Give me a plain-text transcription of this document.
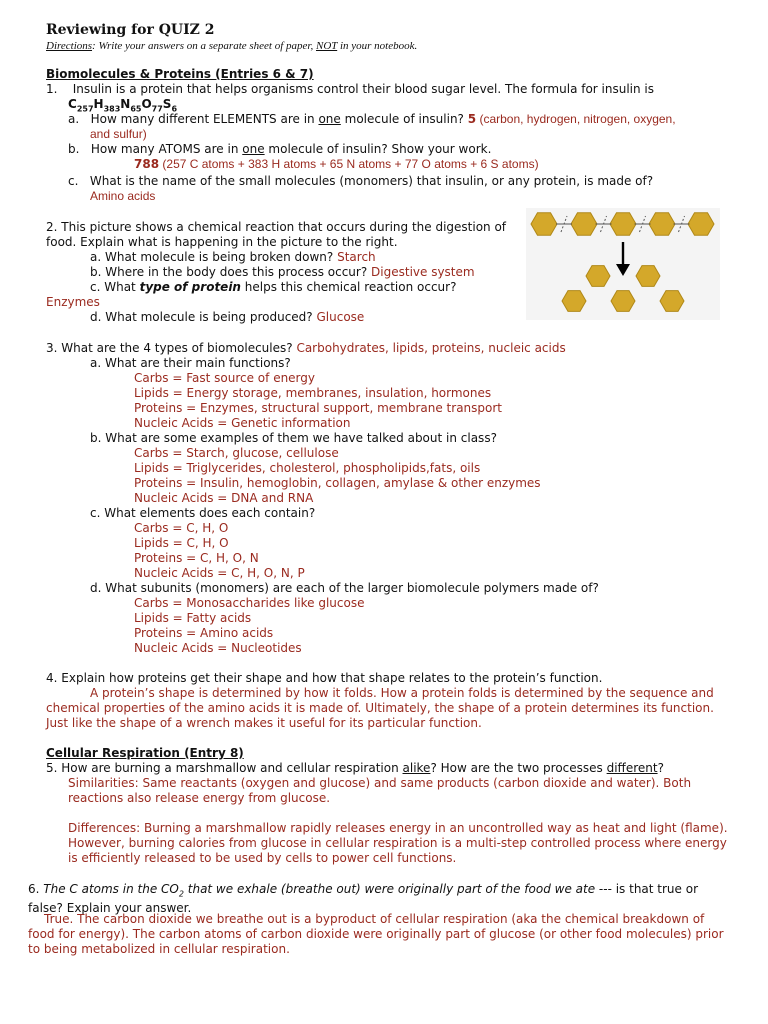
Reviewing for QUIZ 2
Directions: Write your answers on a separate sheet of paper, NOT in your notebook.
Biomolecules & Proteins (Entries 6 & 7)
1. Insulin is a protein that helps organisms control their blood sugar level. The formula for insulin is
$C_{257}H_{383}N_{65}O_{77}S_6$
a. How many different ELEMENTS are in one molecule of insulin? 5 (carbon, hydrogen, nitrogen, oxygen,
and sulfur)
b. How many ATOMS are in one molecule of insulin? Show your work.
788 (257 C atoms + 383 H atoms + 65 N atoms + 77 O atoms + 6 S atoms)
c. What is the name of the small molecules (monomers) that insulin, or any protein, is made of?
Amino acids
2. This picture shows a chemical reaction that occurs during the digestion of
food. Explain what is happening in the picture to the right.
a. What molecule is being broken down? Starch
b. Where in the body does this process occur? Digestive system
c. What type of protein helps this chemical reaction occur?
Enzymes
d. What molecule is being produced? Glucose
3. What are the 4 types of biomolecules? Carbohydrates, lipids, proteins, nucleic acids
a. What are their main functions?
Carbs = Fast source of energy
Lipids = Energy storage, membranes, insulation, hormones
Proteins = Enzymes, structural support, membrane transport
Nucleic Acids = Genetic information
b. What are some examples of them we have talked about in class?
Carbs = Starch, glucose, cellulose
Lipids = Triglycerides, cholesterol, phospholipids,fats, oils
Proteins = Insulin, hemoglobin, collagen, amylase & other enzymes
Nucleic Acids = DNA and RNA
c. What elements does each contain?
Carbs = C, H, O
Lipids = C, H, O
Proteins = C, H, O, N
Nucleic Acids = C, H, O, N, P
d. What subunits (monomers) are each of the larger biomolecule polymers made of?
Carbs = Monosaccharides like glucose
Lipids = Fatty acids
Proteins = Amino acids
Nucleic Acids = Nucleotides
4. Explain how proteins get their shape and how that shape relates to the protein’s function.
A protein’s shape is determined by how it folds. How a protein folds is determined by the sequence and chemical properties of the amino acids it is made of. Ultimately, the shape of a protein determines its function. Just like the shape of a wrench makes it useful for its particular function.
Cellular Respiration (Entry 8)
5. How are burning a marshmallow and cellular respiration alike? How are the two processes different?
Similarities: Same reactants (oxygen and glucose) and same products (carbon dioxide and water). Both reactions also release energy from glucose.
Differences: Burning a marshmallow rapidly releases energy in an uncontrolled way as heat and light (flame). However, burning calories from glucose in cellular respiration is a multi-step controlled process where energy is efficiently released to be used by cells to power cell functions.
6. The C atoms in the $CO_2$ that we exhale (breathe out) were originally part of the food we ate --- is that true or false? Explain your answer.
True. The carbon dioxide we breathe out is a byproduct of cellular respiration (aka the chemical breakdown of food for energy). The carbon atoms of carbon dioxide were originally part of glucose (or other food molecules) prior to being metabolized in cellular respiration.
